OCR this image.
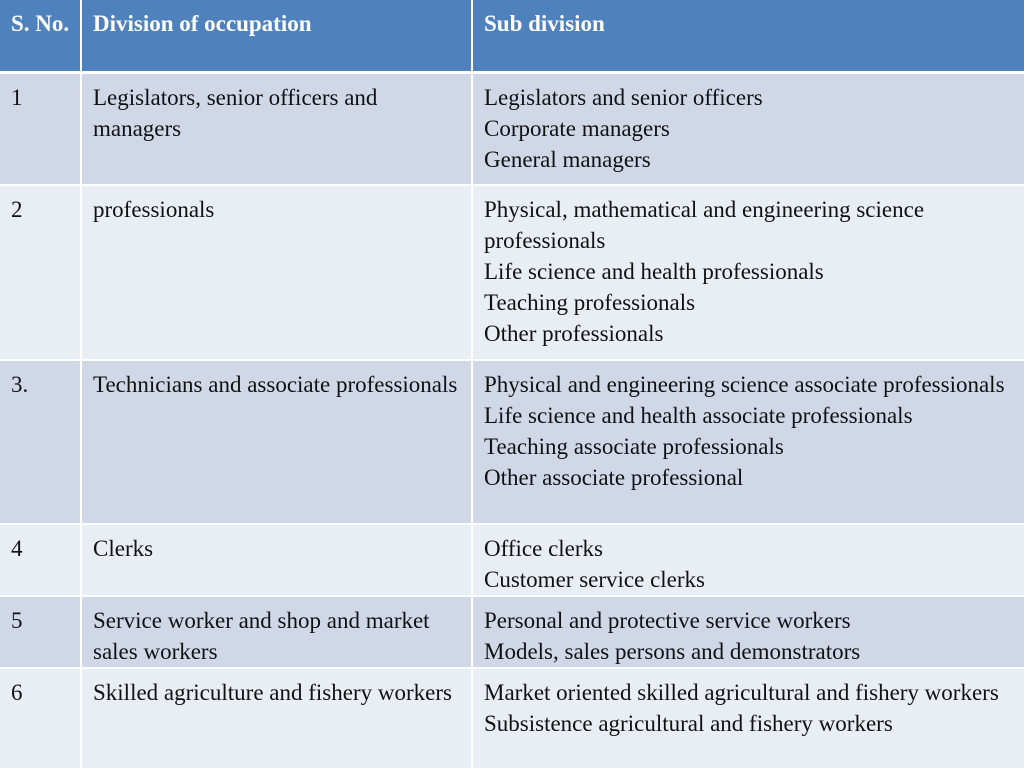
S. No.	Division of occupation	Sub division
1	Legislators, senior officers and managers	Legislators and senior officers
Corporate managers
General managers

2	professionals	Physical, mathematical and engineering science professionals
Life science and health professionals
Teaching professionals
Other professionals

3.	Technicians and associate professionals	Physical and engineering science associate professionals
Life science and health associate professionals
Teaching associate professionals
Other associate professional

4	Clerks	Office clerks
Customer service clerks

5	Service worker and shop and market sales workers	Personal and protective service workers
Models, sales persons and demonstrators

6	Skilled agriculture and fishery workers	Market oriented skilled agricultural and fishery workers
Subsistence agricultural and fishery workers
